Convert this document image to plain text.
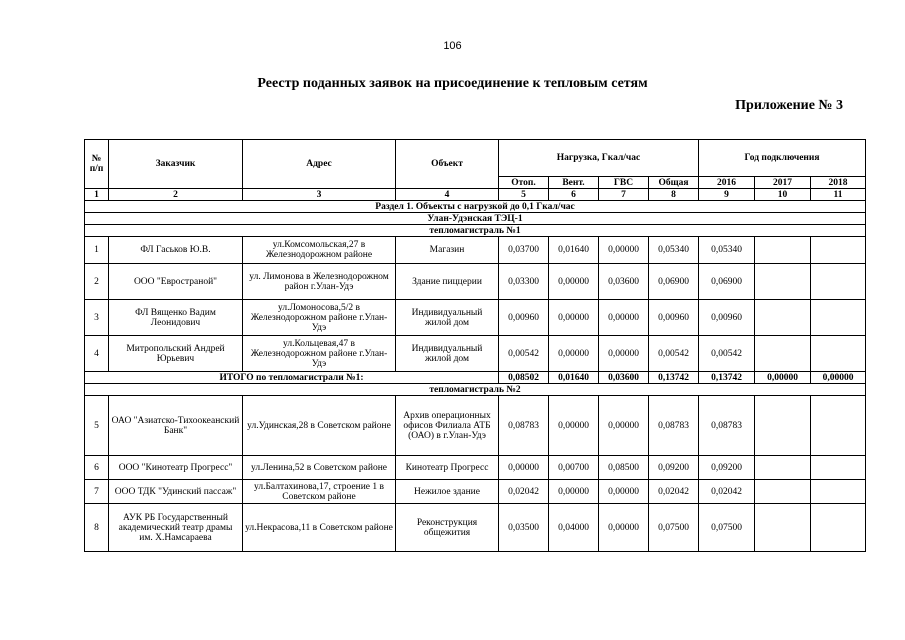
106
Реестр поданных заявок на присоединение к тепловым сетям
Приложение № 3
№ п/п	Заказчик	Адрес	Объект	Нагрузка, Гкал/час				Год подключения		
				Отоп.	Вент.	ГВС	Общая	2016	2017	2018
1	2	3	4	5	6	7	8	9	10	11
Раздел 1. Объекты с нагрузкой до 0,1 Гкал/час										
Улан-Удэнская ТЭЦ-1										
тепломагистраль №1										
1	ФЛ Гаськов Ю.В.	ул.Комсомольская,27 в Железнодорожном районе	Магазин	0,03700	0,01640	0,00000	0,05340	0,05340		
2	ООО "Евространой"	ул. Лимонова в Железнодорожном район г.Улан-Удэ	Здание пиццерии	0,03300	0,00000	0,03600	0,06900	0,06900		
3	ФЛ Вященко Вадим Леонидович	ул.Ломоносова,5/2 в Железнодорожном районе г.Улан-Удэ	Индивидуальный жилой дом	0,00960	0,00000	0,00000	0,00960	0,00960		
4	Митропольский Андрей Юрьевич	ул.Кольцевая,47 в Железнодорожном районе г.Улан-Удэ	Индивидуальный жилой дом	0,00542	0,00000	0,00000	0,00542	0,00542		
ИТОГО по тепломагистрали №1:				0,08502	0,01640	0,03600	0,13742	0,13742	0,00000	0,00000
тепломагистраль №2										
5	ОАО "Азиатско-Тихоокеанский Банк"	ул.Удинская,28 в Советском районе	Архив операционных офисов Филиала АТБ (ОАО) в г.Улан-Удэ	0,08783	0,00000	0,00000	0,08783	0,08783		
6	ООО "Кинотеатр Прогресс"	ул.Ленина,52 в Советском районе	Кинотеатр Прогресс	0,00000	0,00700	0,08500	0,09200	0,09200		
7	ООО ТДК "Удинский пассаж"	ул.Балтахинова,17, строение 1 в Советском районе	Нежилое здание	0,02042	0,00000	0,00000	0,02042	0,02042		
8	АУК РБ Государственный академический театр драмы им. Х.Намсараева	ул.Некрасова,11 в Советском районе	Реконструкция общежития	0,03500	0,04000	0,00000	0,07500	0,07500		
